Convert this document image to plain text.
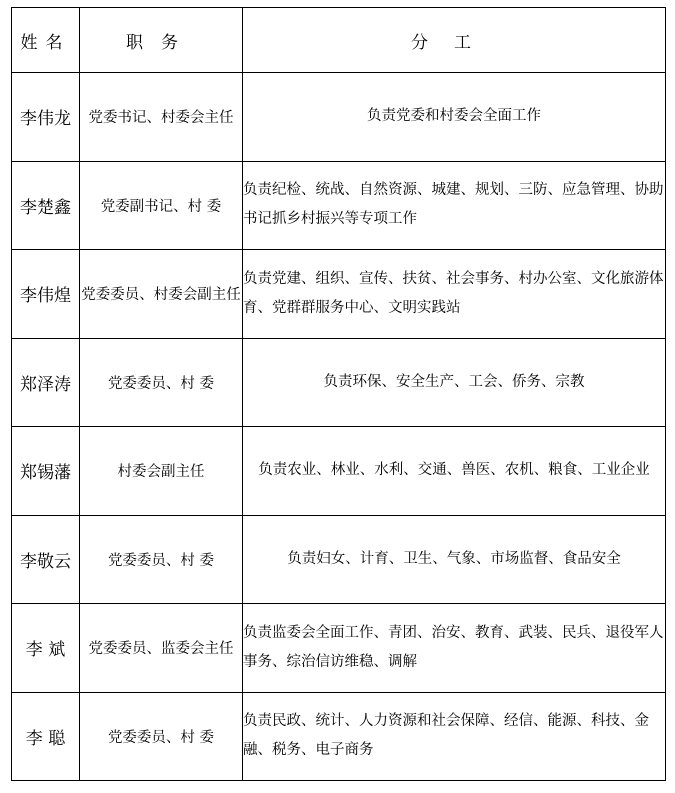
姓名	职务	分工
李伟龙	党委书记、村委会主任	负责党委和村委会全面工作
李楚鑫	党委副书记、村 委	负责纪检、统战、自然资源、城建、规划、三防、应急管理、协助书记抓乡村振兴等专项工作
李伟煌	党委委员、村委会副主任	负责党建、组织、宣传、扶贫、社会事务、村办公室、文化旅游体育、党群群服务中心、文明实践站
郑泽涛	党委委员、村 委	负责环保、安全生产、工会、侨务、宗教
郑锡藩	村委会副主任	负责农业、林业、水利、交通、兽医、农机、粮食、工业企业
李敬云	党委委员、村 委	负责妇女、计育、卫生、气象、市场监督、食品安全
李 斌	党委委员、监委会主任	负责监委会全面工作、青团、治安、教育、武装、民兵、退役军人事务、综治信访维稳、调解
李 聪	党委委员、村 委	负责民政、统计、人力资源和社会保障、经信、能源、科技、金融、税务、电子商务
